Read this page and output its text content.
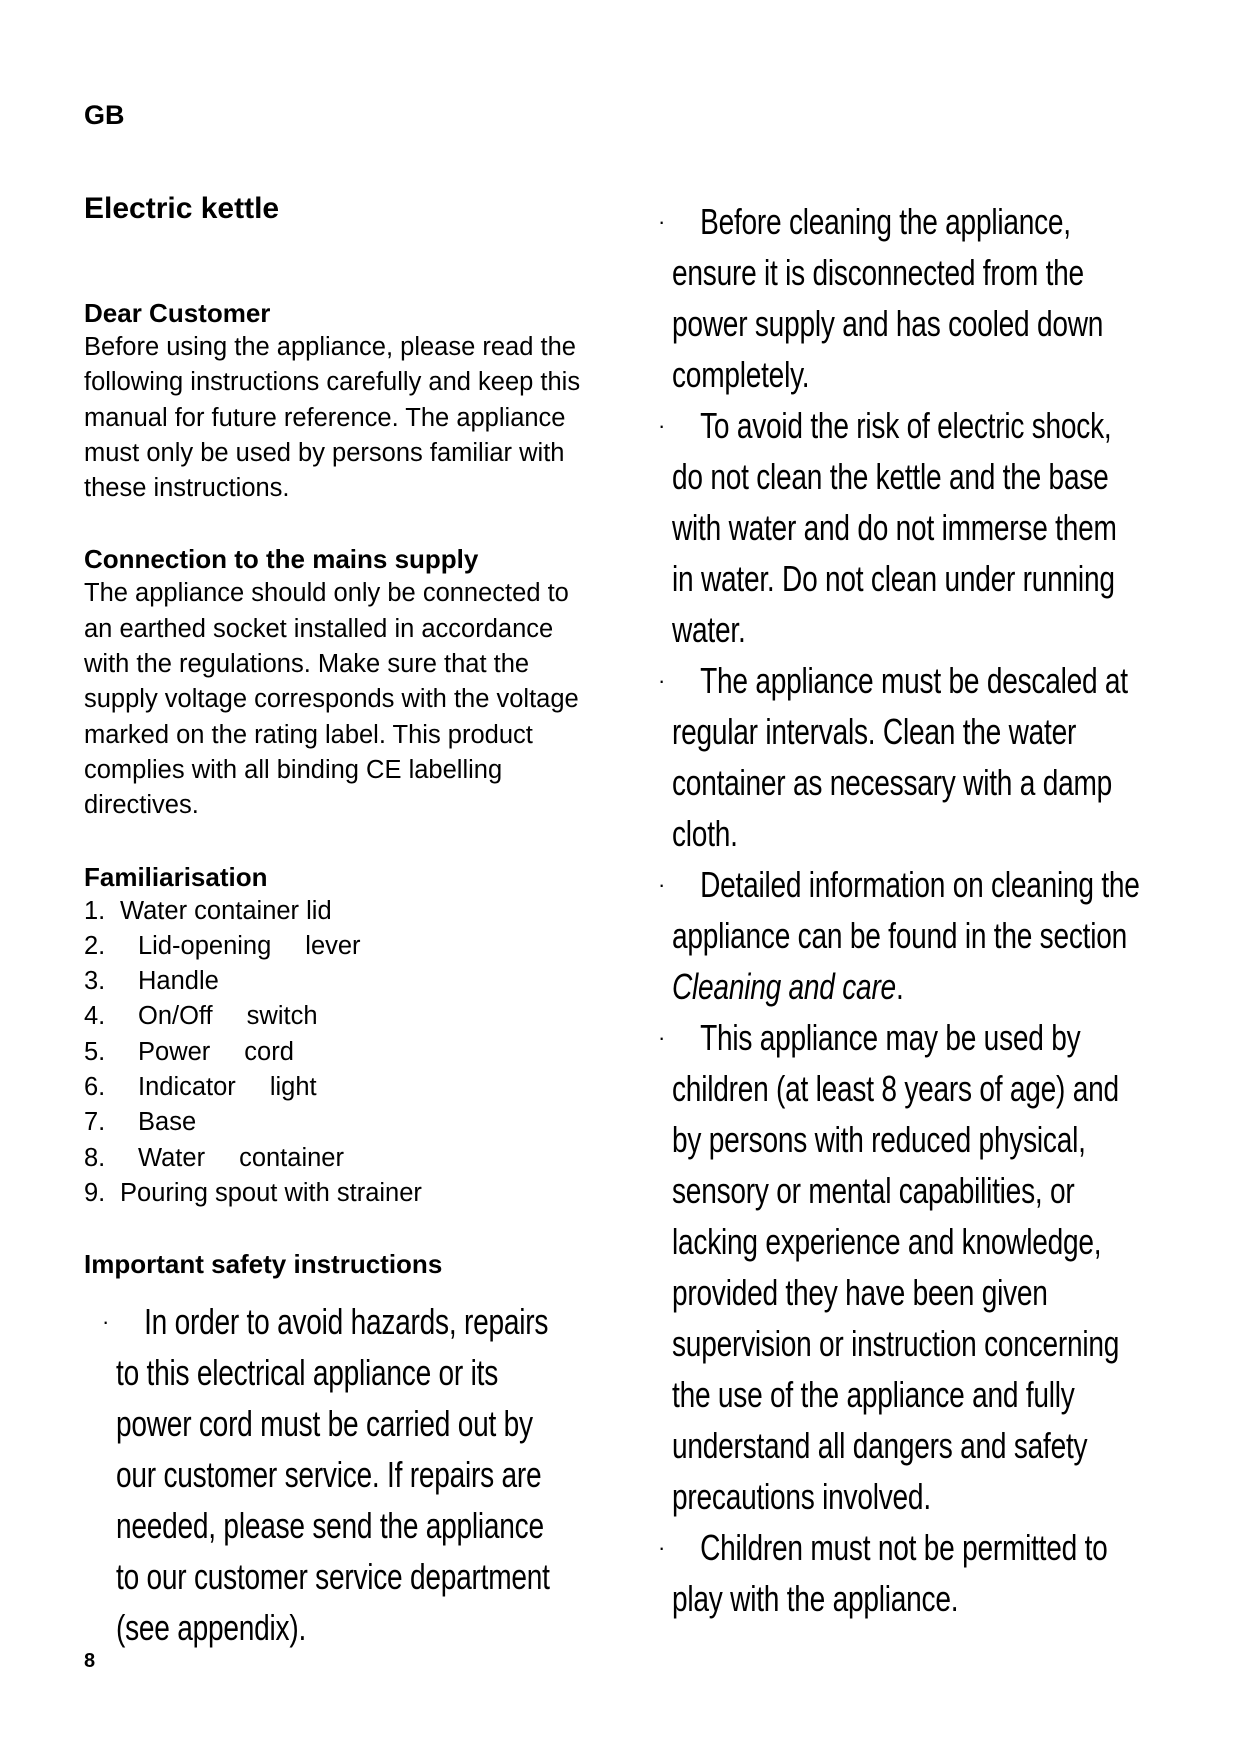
GB
Electric kettle

Dear Customer

Before using the appliance, please read the
following instructions carefully and keep this
manual for future reference. The appliance
must only be used by persons familiar with
these instructions.

Connection to the mains supply

The appliance should only be connected to
an earthed socket installed in accordance
with the regulations. Make sure that the
supply voltage corresponds with the voltage
marked on the rating label. This product
complies with all binding CE labelling
directives.

Familiarisation

1. Water container lid
2.	Lid-opening lever
3.	Handle
4.	On/Off switch
5.	Power cord
6.	Indicator light
7.	Base
8.	Water container
9. Pouring spout with strainer

Important safety instructions

· In order to avoid hazards, repairs
to this electrical appliance or its
power cord must be carried out by
our customer service. If repairs are
needed, please send the appliance
to our customer service department
(see appendix).
· Before cleaning the appliance,
ensure it is disconnected from the
power supply and has cooled down
completely.
· To avoid the risk of electric shock,
do not clean the kettle and the base
with water and do not immerse them
in water. Do not clean under running
water.
· The appliance must be descaled at
regular intervals. Clean the water
container as necessary with a damp
cloth.
· Detailed information on cleaning the
appliance can be found in the section
Cleaning and care.
· This appliance may be used by
children (at least 8 years of age) and
by persons with reduced physical,
sensory or mental capabilities, or
lacking experience and knowledge,
provided they have been given
supervision or instruction concerning
the use of the appliance and fully
understand all dangers and safety
precautions involved.
· Children must not be permitted to
play with the appliance.
8
